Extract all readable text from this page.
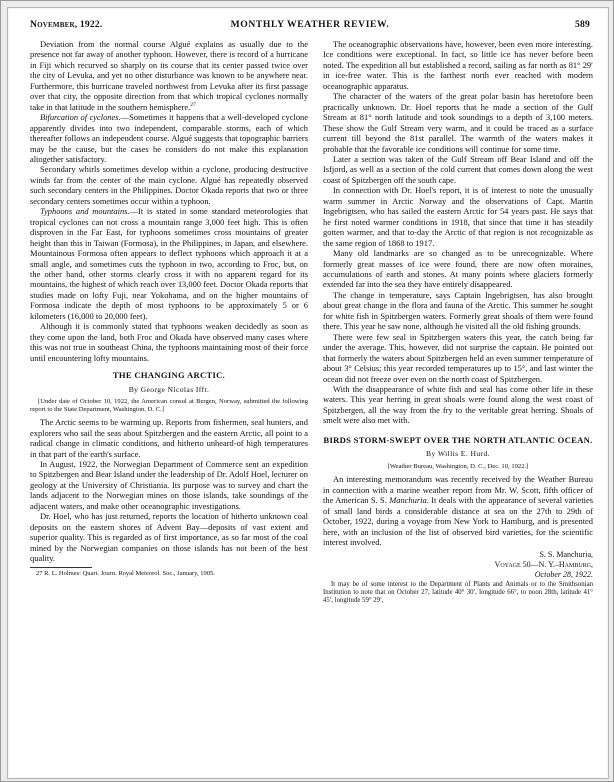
November, 1922.	MONTHLY WEATHER REVIEW.	589

Deviation from the normal course Algué explains as usually due to the presence not far away of another typhoon. However, there is record of a hurricane in Fiji which recurved so sharply on its course that its center passed twice over the city of Levuka, and yet no other disturbance was known to be anywhere near. Furthermore, this hurricane traveled northwest from Levuka after its first passage over that city, the opposite direction from that which tropical cyclones normally take in that latitude in the southern hemisphere.$^{27}$

Bifurcation of cyclones.—Sometimes it happens that a well-developed cyclone apparently divides into two independent, comparable storms, each of which thereafter follows an independent course. Algué suggests that topographic barriers may be the cause, but the cases he considers do not make this explanation altogether satisfactory.

Secondary whirls sometimes develop within a cyclone, producing destructive winds far from the center of the main cyclone. Algué has repeatedly observed such secondary centers in the Philippines. Doctor Okada reports that two or three secondary centers sometimes occur within a typhoon.

Typhoons and mountains.—It is stated in some standard meteorologies that tropical cyclones can not cross a mountain range 3,000 feet high. This is often disproven in the Far East, for typhoons sometimes cross mountains of greater height than this in Taiwan (Formosa), in the Philippines, in Japan, and elsewhere. Mountainous Formosa often appears to deflect typhoons which approach it at a small angle, and sometimes cuts the typhoon in two, according to Froc, but, on the other hand, other storms clearly cross it with no apparent regard for its mountains, the highest of which reach over 13,000 feet. Doctor Okada reports that studies made on lofty Fuji, near Yokohama, and on the higher mountains of Formosa indicate the depth of most typhoons to be approximately 5 or 6 kilometers (16,000 to 20,000 feet).

Although it is commonly stated that typhoons weaken decidedly as soon as they come upon the land, both Froc and Okada have observed many cases where this was not true in southeast China, the typhoons maintaining most of their force until encountering lofty mountains.

THE CHANGING ARCTIC.
By George Nicolas Ifft.
[Under date of October 10, 1922, the American consul at Bergen, Norway, submitted the following report to the State Department, Washington, D. C.]

The Arctic seems to be warming up. Reports from fishermen, seal hunters, and explorers who sail the seas about Spitzbergen and the eastern Arctic, all point to a radical change in climatic conditions, and hitherto unheard-of high temperatures in that part of the earth's surface.

In August, 1922, the Norwegian Department of Commerce sent an expedition to Spitzbergen and Bear Island under the leadership of Dr. Adolf Hoel, lecturer on geology at the University of Christiania. Its purpose was to survey and chart the lands adjacent to the Norwegian mines on those islands, take soundings of the adjacent waters, and make other oceanographic investigations.

Dr. Hoel, who has just returned, reports the location of hitherto unknown coal deposits on the eastern shores of Advent Bay—deposits of vast extent and superior quality. This is regarded as of first importance, as so far most of the coal mined by the Norwegian companies on those islands has not been of the best quality.

27 R. L. Holmes: Quart. Journ. Royal Meteorol. Soc., January, 1905.

The oceanographic observations have, however, been even more interesting. Ice conditions were exceptional. In fact, so little ice has never before been noted. The expedition all but established a record, sailing as far north as 81° 29′ in ice-free water. This is the farthest north ever reached with modern oceanographic apparatus.

The character of the waters of the great polar basin has heretofore been practically unknown. Dr. Hoel reports that he made a section of the Gulf Stream at 81° north latitude and took soundings to a depth of 3,100 meters. These show the Gulf Stream very warm, and it could be traced as a surface current till beyond the 81st parallel. The warmth of the waters makes it probable that the favorable ice conditions will continue for some time.

Later a section was taken of the Gulf Stream off Bear Island and off the Isfjord, as well as a section of the cold current that comes down along the west coast of Spitzbergen off the south cape.

In connection with Dr. Hoel's report, it is of interest to note the unusually warm summer in Arctic Norway and the observations of Capt. Martin Ingebrigtsen, who has sailed the eastern Arctic for 54 years past. He says that he first noted warmer conditions in 1918, that since that time it has steadily gotten warmer, and that to-day the Arctic of that region is not recognizable as the same region of 1868 to 1917.

Many old landmarks are so changed as to be unrecognizable. Where formerly great masses of ice were found, there are now often moraines, accumulations of earth and stones. At many points where glaciers formerly extended far into the sea they have entirely disappeared.

The change in temperature, says Captain Ingebrigtsen, has also brought about great change in the flora and fauna of the Arctic. This summer he sought for white fish in Spitzbergen waters. Formerly great shoals of them were found there. This year he saw none, although he visited all the old fishing grounds.

There were few seal in Spitzbergen waters this year, the catch being far under the average. This, however, did not surprise the captain. He pointed out that formerly the waters about Spitzbergen held an even summer temperature of about 3° Celsius; this year recorded temperatures up to 15°, and last winter the ocean did not freeze over even on the north coast of Spitzbergen.

With the disappearance of white fish and seal has come other life in these waters. This year herring in great shoals were found along the west coast of Spitzbergen, all the way from the fry to the veritable great herring. Shoals of smelt were also met with.

BIRDS STORM-SWEPT OVER THE NORTH ATLANTIC OCEAN.
By Willis E. Hurd.
[Weather Bureau, Washington, D. C., Dec. 10, 1922.]

An interesting memorandum was recently received by the Weather Bureau in connection with a marine weather report from Mr. W. Scott, fifth officer of the American S. S. Manchuria. It deals with the appearance of several varieties of small land birds a considerable distance at sea on the 27th to 29th of October, 1922, during a voyage from New York to Hamburg, and is presented here, with an inclusion of the list of observed bird varieties, for the scientific interest involved.

S. S. Manchuria,
Voyage 50—N. Y.–Hamburg,
October 28, 1922.
It may be of some interest to the Department of Plants and Animals or to the Smithsonian Institution to note that on October 27, latitude 40° 30′, longitude 66°, to noon 28th, latitude 41° 45′, longitude 59° 29′,
